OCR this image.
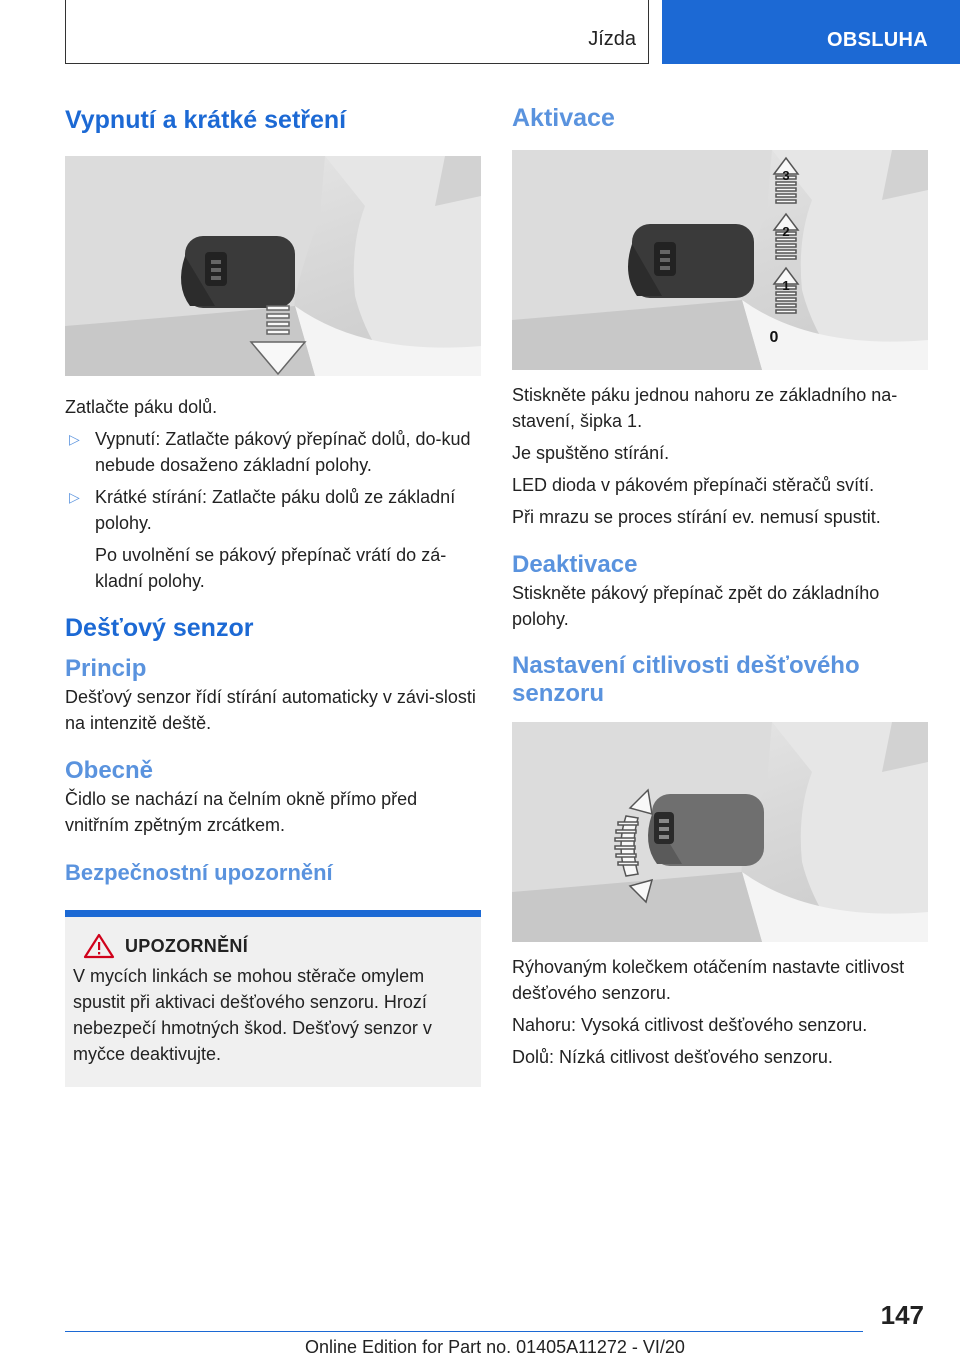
Jízda	OBSLUHA
Vypnutí a krátké setření

Zatlačte páku dolů.

▷ Vypnutí: Zatlačte pákový přepínač dolů, do-kud nebude dosaženo základní polohy.
▷ Krátké stírání: Zatlačte páku dolů ze základní polohy.

Po uvolnění se pákový přepínač vrátí do zá-kladní polohy.

Dešťový senzor
Princip

Dešťový senzor řídí stírání automaticky v závi-slosti na intenzitě deště.

Obecně

Čidlo se nachází na čelním okně přímo před vnitřním zpětným zrcátkem.

Bezpečnostní upozornění
UPOZORNĚNÍ

V mycích linkách se mohou stěrače omylem spustit při aktivaci dešťového senzoru. Hrozí nebezpečí hmotných škod. Dešťový senzor v myčce deaktivujte.

Aktivace
3
2
1
0

Stiskněte páku jednou nahoru ze základního na-stavení, šipka 1.

Je spuštěno stírání.

LED dioda v pákovém přepínači stěračů svítí.

Při mrazu se proces stírání ev. nemusí spustit.

Deaktivace

Stiskněte pákový přepínač zpět do základního polohy.

Nastavení citlivosti dešťového senzoru

Rýhovaným kolečkem otáčením nastavte citlivost dešťového senzoru.

Nahoru: Vysoká citlivost dešťového senzoru.

Dolů: Nízká citlivost dešťového senzoru.

147
Online Edition for Part no. 01405A11272 - VI/20
